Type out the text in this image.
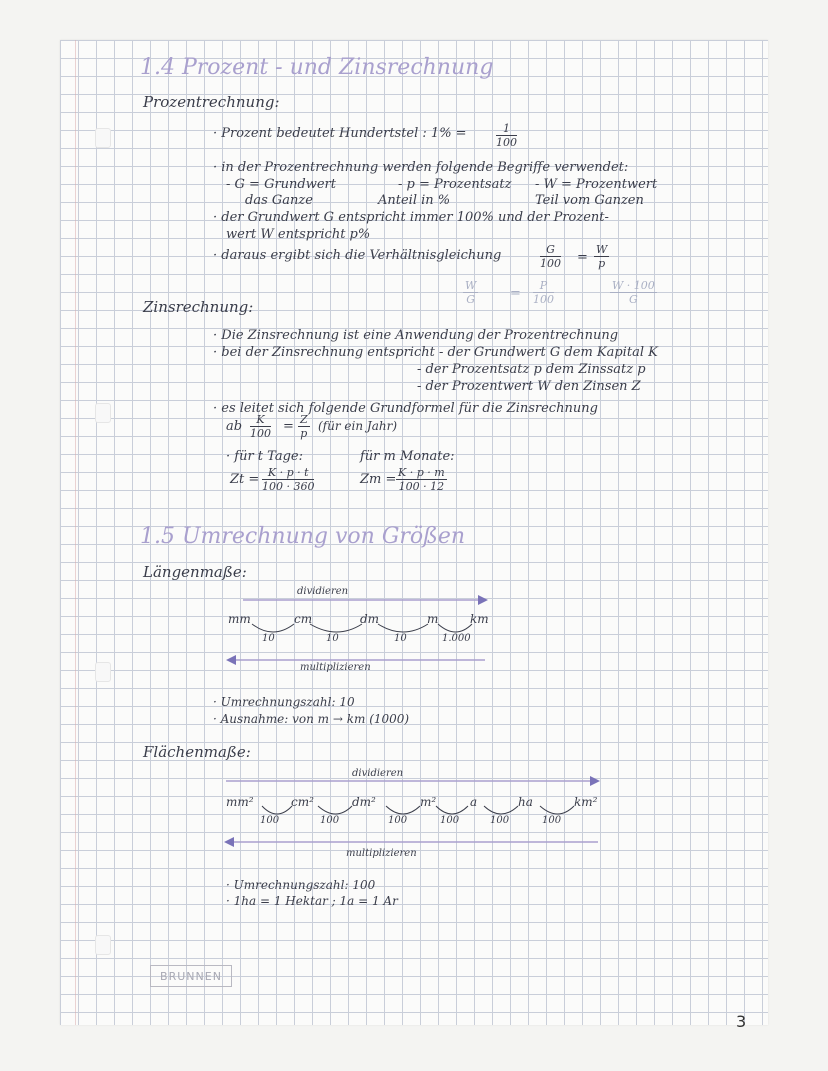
1.4 Prozent - und Zinsrechnung
Prozentrechnung:
· Prozent bedeutet Hundertstel : 1% =	$\frac{1}{100}$
· in der Prozentrechnung werden folgende Begriffe verwendet:
- G = Grundwert	- p = Prozentsatz - W = Prozentwert
das Ganze	Anteil in %	Teil vom Ganzen
· der Grundwert G entspricht immer 100% und der Prozent-
wert W entspricht p%
· daraus ergibt sich die Verhältnisgleichung	$\frac{G}{100} = \frac{W}{p}$
$\frac{W}{G} = \frac{P}{100}$	$\frac{W \cdot 100}{G}$
Zinsrechnung:
· Die Zinsrechnung ist eine Anwendung der Prozentrechnung
· bei der Zinsrechnung entspricht - der Grundwert G dem Kapital K
- der Prozentsatz p dem Zinssatz p
- der Prozentwert W den Zinsen Z
· es leitet sich folgende Grundformel für die Zinsrechnung
ab $\frac{K}{100} = \frac{Z}{p}$ (für ein Jahr)
· für t Tage:
$Zt = \frac{K \cdot p \cdot t}{100 \cdot 360}$
für m Monate:
$Zm = \frac{K \cdot p \cdot m}{100 \cdot 12}$
1.5 Umrechnung von Größen
Längenmaße:
dividieren
mm	cm	dm	m	km
10	10	10	1.000
multiplizieren
· Umrechnungszahl: 10
· Ausnahme: von m → km (1000)
Flächenmaße:
dividieren
mm²	cm²	dm²	m²	a	ha	km²
100	100	100	100	100	100
multiplizieren
· Umrechnungszahl: 100
· 1ha = 1 Hektar ; 1a = 1 Ar
BRUNNEN
3
